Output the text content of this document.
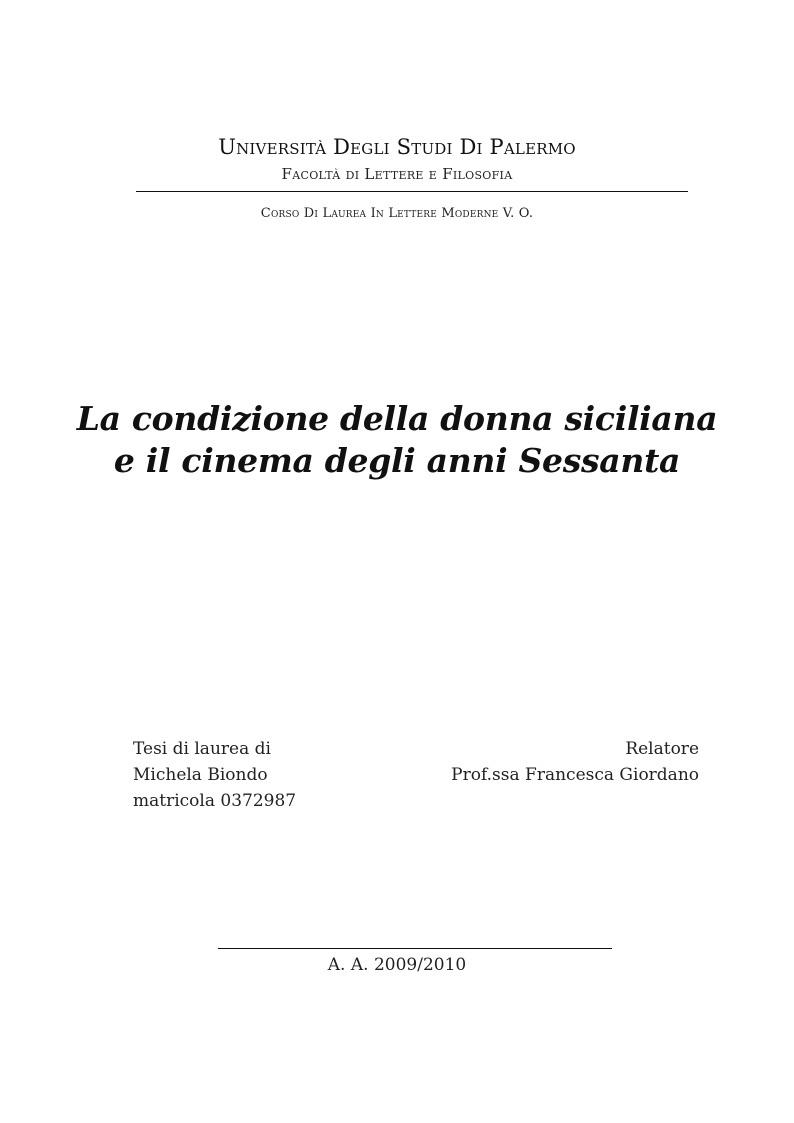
Università Degli Studi Di Palermo
Facoltà di Lettere e Filosofia
Corso Di Laurea In Lettere Moderne V. O.
La condizione della donna siciliana
e il cinema degli anni Sessanta
Tesi di laurea di
Michela Biondo
matricola 0372987
Relatore
Prof.ssa Francesca Giordano
A. A. 2009/2010
